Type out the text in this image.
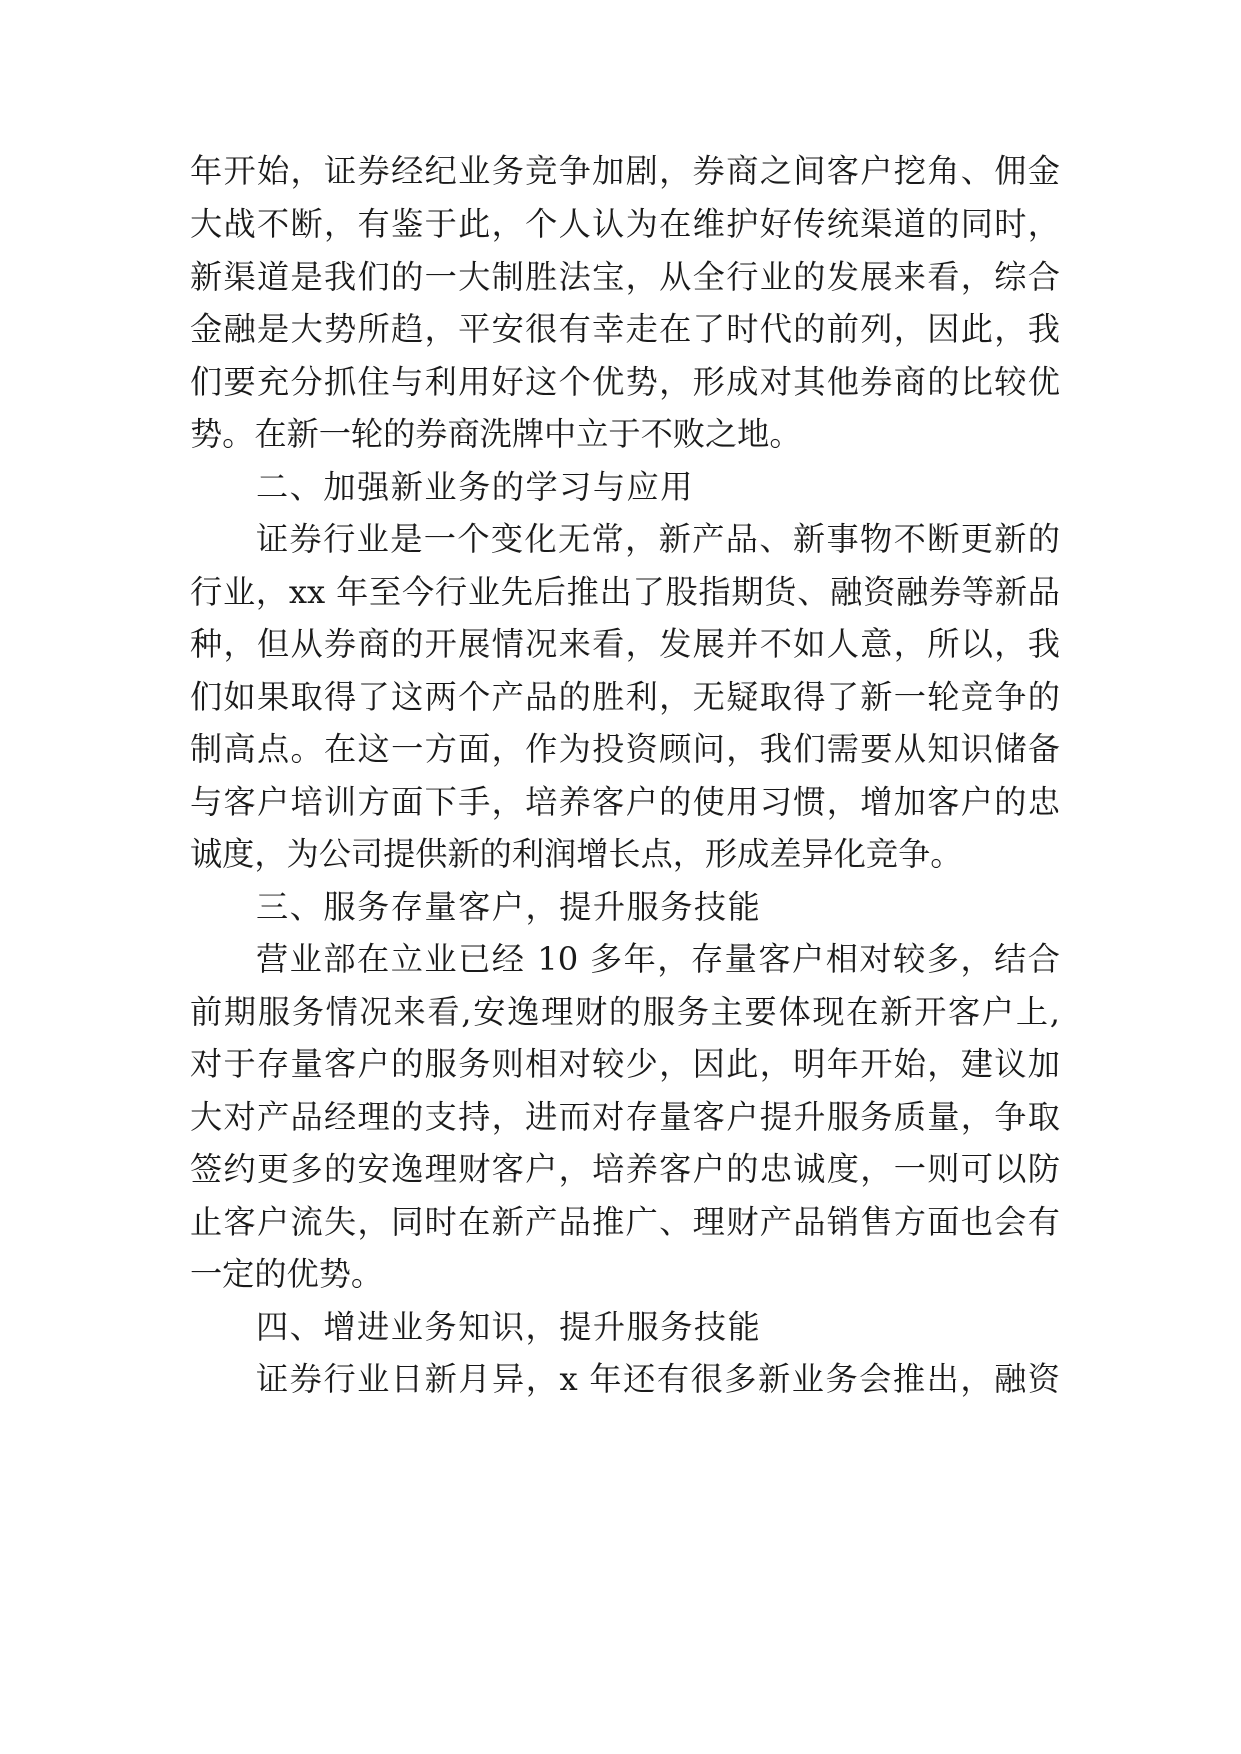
年开始，证券经纪业务竞争加剧，券商之间客户挖角、佣金

大战不断，有鉴于此，个人认为在维护好传统渠道的同时，

新渠道是我们的一大制胜法宝，从全行业的发展来看，综合

金融是大势所趋，平安很有幸走在了时代的前列，因此，我

们要充分抓住与利用好这个优势，形成对其他券商的比较优

势。在新一轮的券商洗牌中立于不败之地。

二、加强新业务的学习与应用

证券行业是一个变化无常，新产品、新事物不断更新的

行业，xx 年至今行业先后推出了股指期货、融资融券等新品

种，但从券商的开展情况来看，发展并不如人意，所以，我

们如果取得了这两个产品的胜利，无疑取得了新一轮竞争的

制高点。在这一方面，作为投资顾问，我们需要从知识储备

与客户培训方面下手，培养客户的使用习惯，增加客户的忠

诚度，为公司提供新的利润增长点，形成差异化竞争。

三、服务存量客户，提升服务技能

营业部在立业已经 10 多年，存量客户相对较多，结合

前期服务情况来看,安逸理财的服务主要体现在新开客户上,

对于存量客户的服务则相对较少，因此，明年开始，建议加

大对产品经理的支持，进而对存量客户提升服务质量，争取

签约更多的安逸理财客户，培养客户的忠诚度，一则可以防

止客户流失，同时在新产品推广、理财产品销售方面也会有

一定的优势。

四、增进业务知识，提升服务技能

证券行业日新月异，x 年还有很多新业务会推出，融资
